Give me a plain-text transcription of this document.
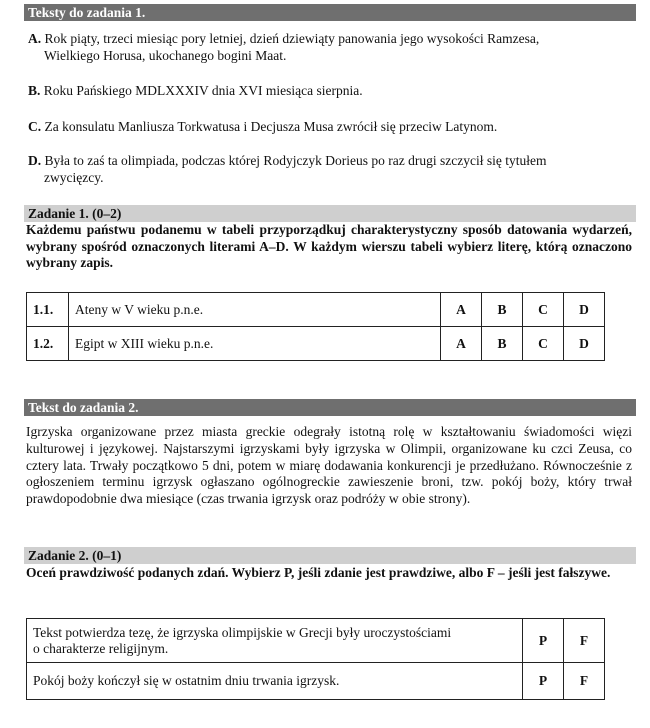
Teksty do zadania 1.
A. Rok piąty, trzeci miesiąc pory letniej, dzień dziewiąty panowania jego wysokości Ramzesa,
Wielkiego Horusa, ukochanego bogini Maat.
B. Roku Pańskiego MDLXXXIV dnia XVI miesiąca sierpnia.
C. Za konsulatu Manliusza Torkwatusa i Decjusza Musa zwrócił się przeciw Latynom.
D. Była to zaś ta olimpiada, podczas której Rodyjczyk Dorieus po raz drugi szczycił się tytułem
zwycięzcy.
Zadanie 1. (0–2)
Każdemu państwu podanemu w tabeli przyporządkuj charakterystyczny sposób datowania wydarzeń, wybrany spośród oznaczonych literami A–D. W każdym wierszu tabeli wybierz literę, którą oznaczono wybrany zapis.
1.1.	Ateny w V wieku p.n.e.	A	B	C	D
1.2.	Egipt w XIII wieku p.n.e.	A	B	C	D
Tekst do zadania 2.
Igrzyska organizowane przez miasta greckie odegrały istotną rolę w kształtowaniu świadomości więzi kulturowej i językowej. Najstarszymi igrzyskami były igrzyska w Olimpii, organizowane ku czci Zeusa, co cztery lata. Trwały początkowo 5 dni, potem w miarę dodawania konkurencji je przedłużano. Równocześnie z ogłoszeniem terminu igrzysk ogłaszano ogólnogreckie zawieszenie broni, tzw. pokój boży, który trwał prawdopodobnie dwa miesiące (czas trwania igrzysk oraz podróży w obie strony).
Zadanie 2. (0–1)
Oceń prawdziwość podanych zdań. Wybierz P, jeśli zdanie jest prawdziwe, albo F – jeśli jest fałszywe.
Tekst potwierdza tezę, że igrzyska olimpijskie w Grecji były uroczystościami
o charakterze religijnym.	P	F
Pokój boży kończył się w ostatnim dniu trwania igrzysk.	P	F
